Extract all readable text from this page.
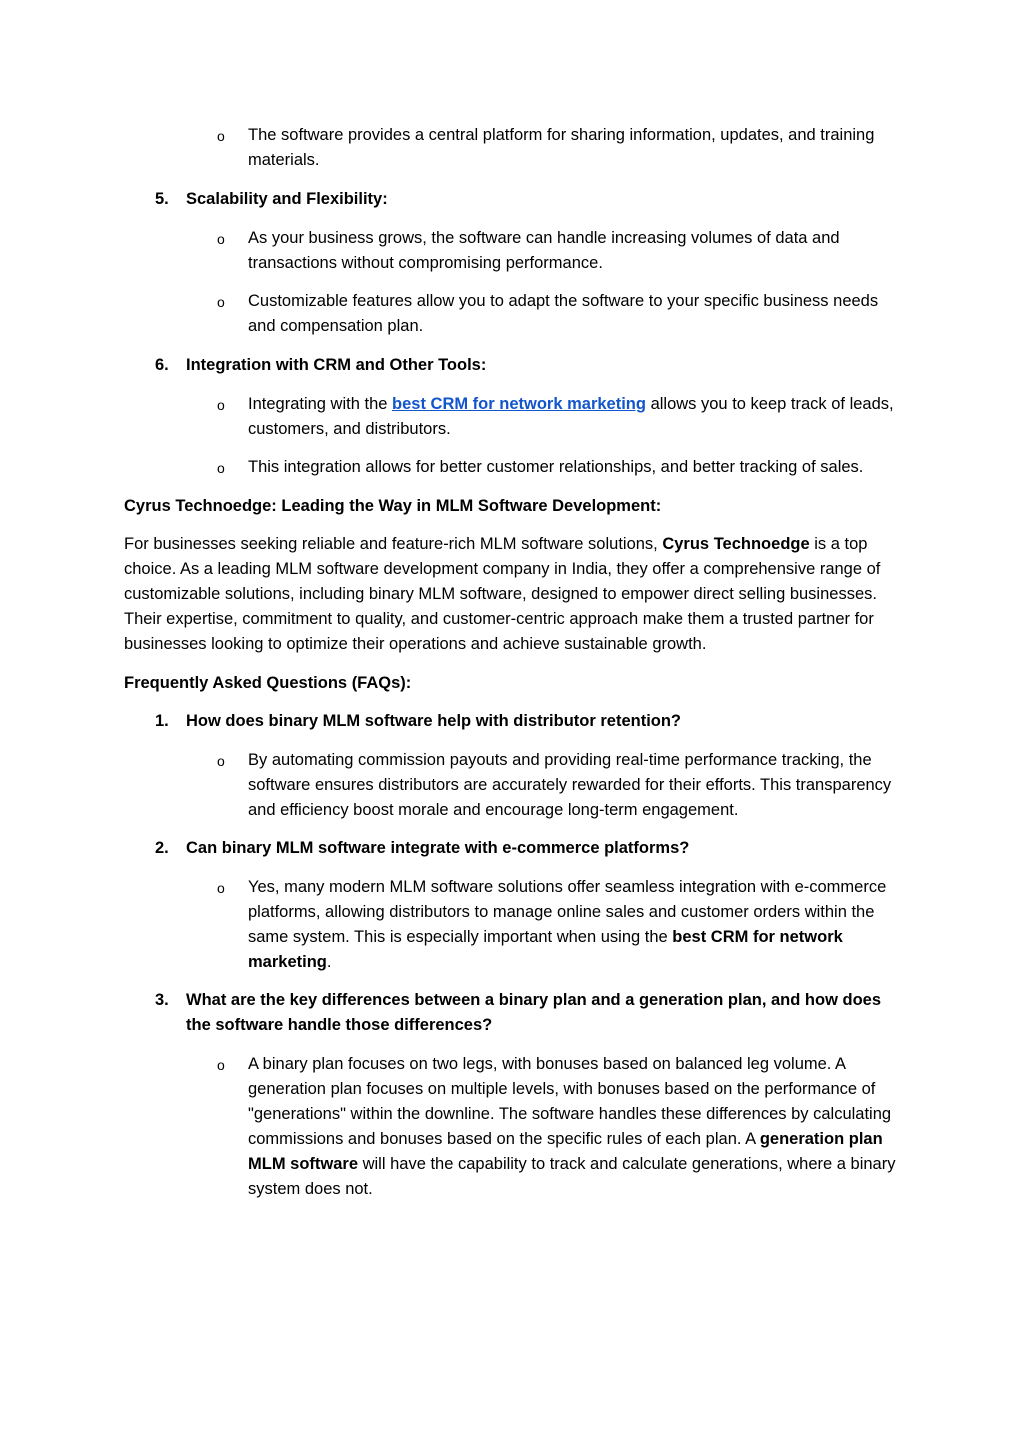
o The software provides a central platform for sharing information, updates, and training materials.

5. Scalability and Flexibility:
o As your business grows, the software can handle increasing volumes of data and transactions without compromising performance.

o Customizable features allow you to adapt the software to your specific business needs and compensation plan.

6. Integration with CRM and Other Tools:
o Integrating with the best CRM for network marketing allows you to keep track of leads, customers, and distributors.

o This integration allows for better customer relationships, and better tracking of sales.

Cyrus Technoedge: Leading the Way in MLM Software Development:

For businesses seeking reliable and feature-rich MLM software solutions, Cyrus Technoedge is a top choice. As a leading MLM software development company in India, they offer a comprehensive range of customizable solutions, including binary MLM software, designed to empower direct selling businesses. Their expertise, commitment to quality, and customer-centric approach make them a trusted partner for businesses looking to optimize their operations and achieve sustainable growth.

Frequently Asked Questions (FAQs):

1. How does binary MLM software help with distributor retention?
o By automating commission payouts and providing real-time performance tracking, the software ensures distributors are accurately rewarded for their efforts. This transparency and efficiency boost morale and encourage long-term engagement.

2. Can binary MLM software integrate with e-commerce platforms?
o Yes, many modern MLM software solutions offer seamless integration with e-commerce platforms, allowing distributors to manage online sales and customer orders within the same system. This is especially important when using the best CRM for network marketing.

3. What are the key differences between a binary plan and a generation plan, and how does the software handle those differences?
o A binary plan focuses on two legs, with bonuses based on balanced leg volume. A generation plan focuses on multiple levels, with bonuses based on the performance of "generations" within the downline. The software handles these differences by calculating commissions and bonuses based on the specific rules of each plan. A generation plan MLM software will have the capability to track and calculate generations, where a binary system does not.
